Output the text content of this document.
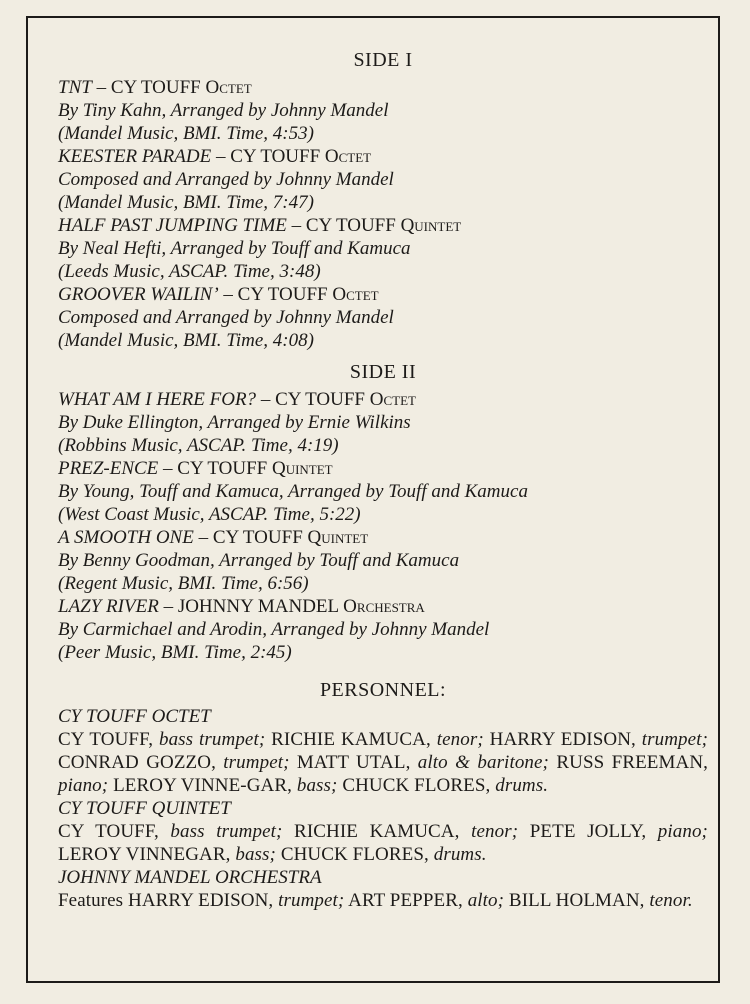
SIDE I
TNT – CY TOUFF Octet
By Tiny Kahn, Arranged by Johnny Mandel
(Mandel Music, BMI. Time, 4:53)
KEESTER PARADE – CY TOUFF Octet
Composed and Arranged by Johnny Mandel
(Mandel Music, BMI. Time, 7:47)
HALF PAST JUMPING TIME – CY TOUFF Quintet
By Neal Hefti, Arranged by Touff and Kamuca
(Leeds Music, ASCAP. Time, 3:48)
GROOVER WAILIN’ – CY TOUFF Octet
Composed and Arranged by Johnny Mandel
(Mandel Music, BMI. Time, 4:08)
SIDE II
WHAT AM I HERE FOR? – CY TOUFF Octet
By Duke Ellington, Arranged by Ernie Wilkins
(Robbins Music, ASCAP. Time, 4:19)
PREZ-ENCE – CY TOUFF Quintet
By Young, Touff and Kamuca, Arranged by Touff and Kamuca
(West Coast Music, ASCAP. Time, 5:22)
A SMOOTH ONE – CY TOUFF Quintet
By Benny Goodman, Arranged by Touff and Kamuca
(Regent Music, BMI. Time, 6:56)
LAZY RIVER – JOHNNY MANDEL Orchestra
By Carmichael and Arodin, Arranged by Johnny Mandel
(Peer Music, BMI. Time, 2:45)
PERSONNEL:
CY TOUFF OCTET
CY TOUFF, bass trumpet; RICHIE KAMUCA, tenor; HARRY EDISON, trumpet; CONRAD GOZZO, trumpet; MATT UTAL, alto & baritone; RUSS FREEMAN, piano; LEROY VINNE-GAR, bass; CHUCK FLORES, drums.
CY TOUFF QUINTET
CY TOUFF, bass trumpet; RICHIE KAMUCA, tenor; PETE JOLLY, piano; LEROY VINNEGAR, bass; CHUCK FLORES, drums.
JOHNNY MANDEL ORCHESTRA
Features HARRY EDISON, trumpet; ART PEPPER, alto; BILL HOLMAN, tenor.
